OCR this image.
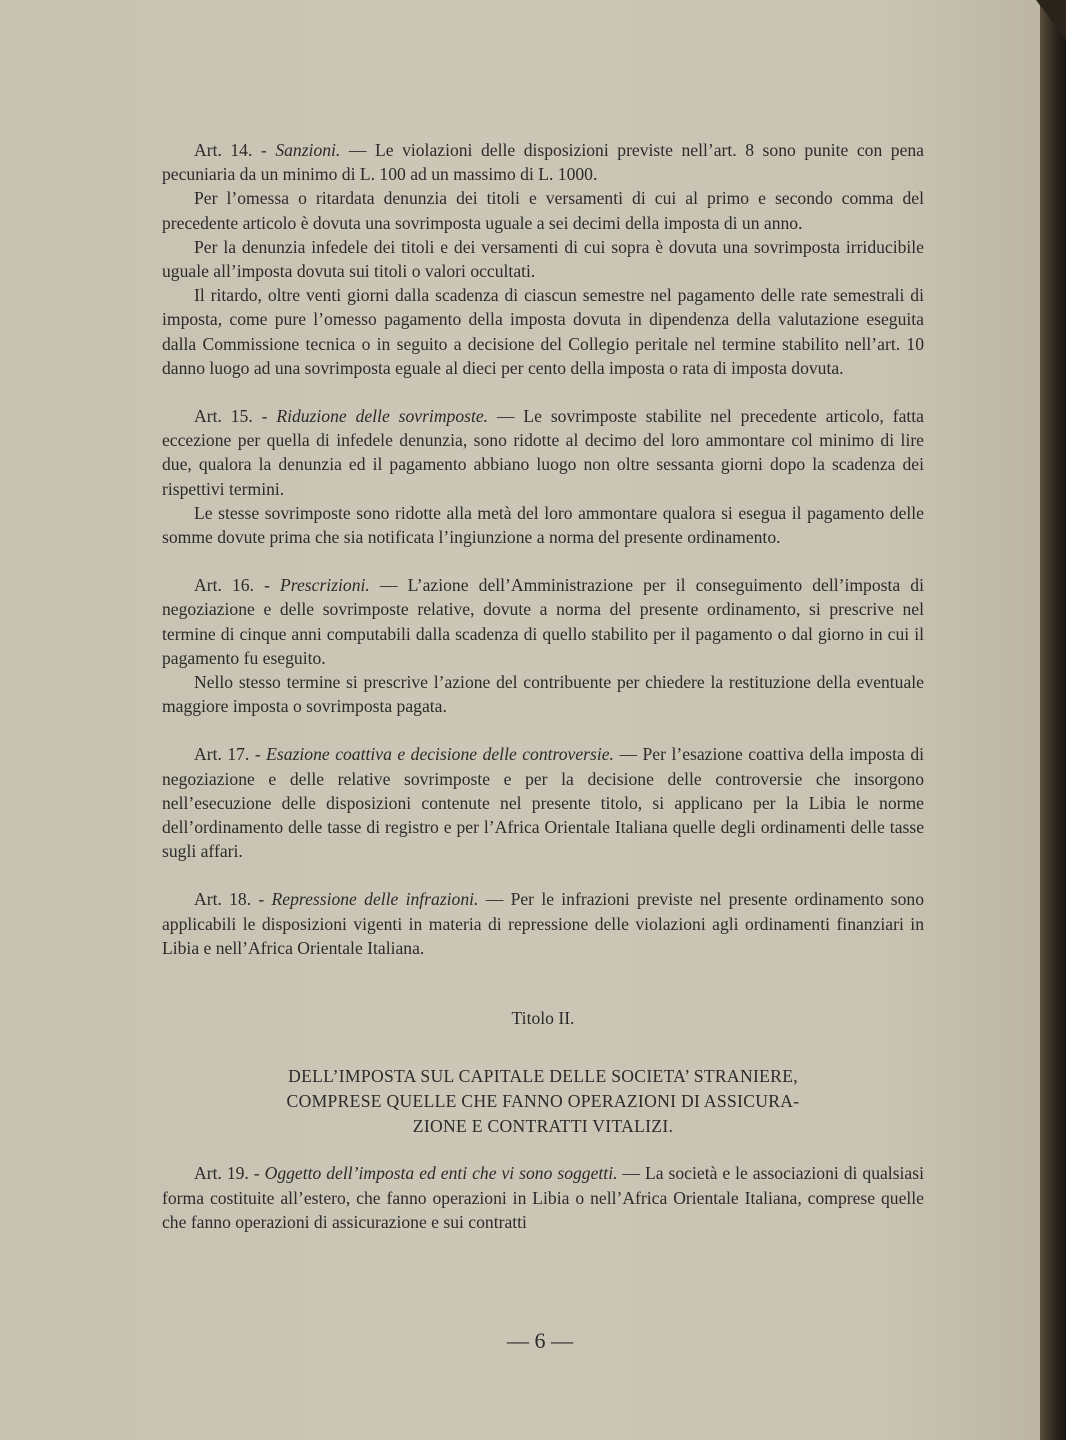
Art. 14. - Sanzioni. — Le violazioni delle disposizioni previste nell’art. 8 sono punite con pena pecuniaria da un minimo di L. 100 ad un massimo di L. 1000.

Per l’omessa o ritardata denunzia dei titoli e versamenti di cui al primo e secondo comma del precedente articolo è dovuta una sovrimposta uguale a sei decimi della imposta di un anno.

Per la denunzia infedele dei titoli e dei versamenti di cui sopra è dovuta una sovrimposta irriducibile uguale all’imposta dovuta sui titoli o valori occultati.

Il ritardo, oltre venti giorni dalla scadenza di ciascun semestre nel pagamento delle rate semestrali di imposta, come pure l’omesso pagamento della imposta dovuta in dipendenza della valutazione eseguita dalla Commissione tecnica o in seguito a decisione del Collegio peritale nel termine stabilito nell’art. 10 danno luogo ad una sovrimposta eguale al dieci per cento della imposta o rata di imposta dovuta.

Art. 15. - Riduzione delle sovrimposte. — Le sovrimposte stabilite nel precedente articolo, fatta eccezione per quella di infedele denunzia, sono ridotte al decimo del loro ammontare col minimo di lire due, qualora la denunzia ed il pagamento abbiano luogo non oltre sessanta giorni dopo la scadenza dei rispettivi termini.

Le stesse sovrimposte sono ridotte alla metà del loro ammontare qualora si esegua il pagamento delle somme dovute prima che sia notificata l’ingiunzione a norma del presente ordinamento.

Art. 16. - Prescrizioni. — L’azione dell’Amministrazione per il conseguimento dell’imposta di negoziazione e delle sovrimposte relative, dovute a norma del presente ordinamento, si prescrive nel termine di cinque anni computabili dalla scadenza di quello stabilito per il pagamento o dal giorno in cui il pagamento fu eseguito.

Nello stesso termine si prescrive l’azione del contribuente per chiedere la restituzione della eventuale maggiore imposta o sovrimposta pagata.

Art. 17. - Esazione coattiva e decisione delle controversie. — Per l’esazione coattiva della imposta di negoziazione e delle relative sovrimposte e per la decisione delle controversie che insorgono nell’esecuzione delle disposizioni contenute nel presente titolo, si applicano per la Libia le norme dell’ordinamento delle tasse di registro e per l’Africa Orientale Italiana quelle degli ordinamenti delle tasse sugli affari.

Art. 18. - Repressione delle infrazioni. — Per le infrazioni previste nel presente ordinamento sono applicabili le disposizioni vigenti in materia di repressione delle violazioni agli ordinamenti finanziari in Libia e nell’Africa Orientale Italiana.

Titolo II.

DELL’IMPOSTA SUL CAPITALE DELLE SOCIETA’ STRANIERE,
COMPRESE QUELLE CHE FANNO OPERAZIONI DI ASSICURA-
ZIONE E CONTRATTI VITALIZI.

Art. 19. - Oggetto dell’imposta ed enti che vi sono soggetti. — La società e le associazioni di qualsiasi forma costituite all’estero, che fanno operazioni in Libia o nell’Africa Orientale Italiana, comprese quelle che fanno operazioni di assicurazione e sui contratti

— 6 —
